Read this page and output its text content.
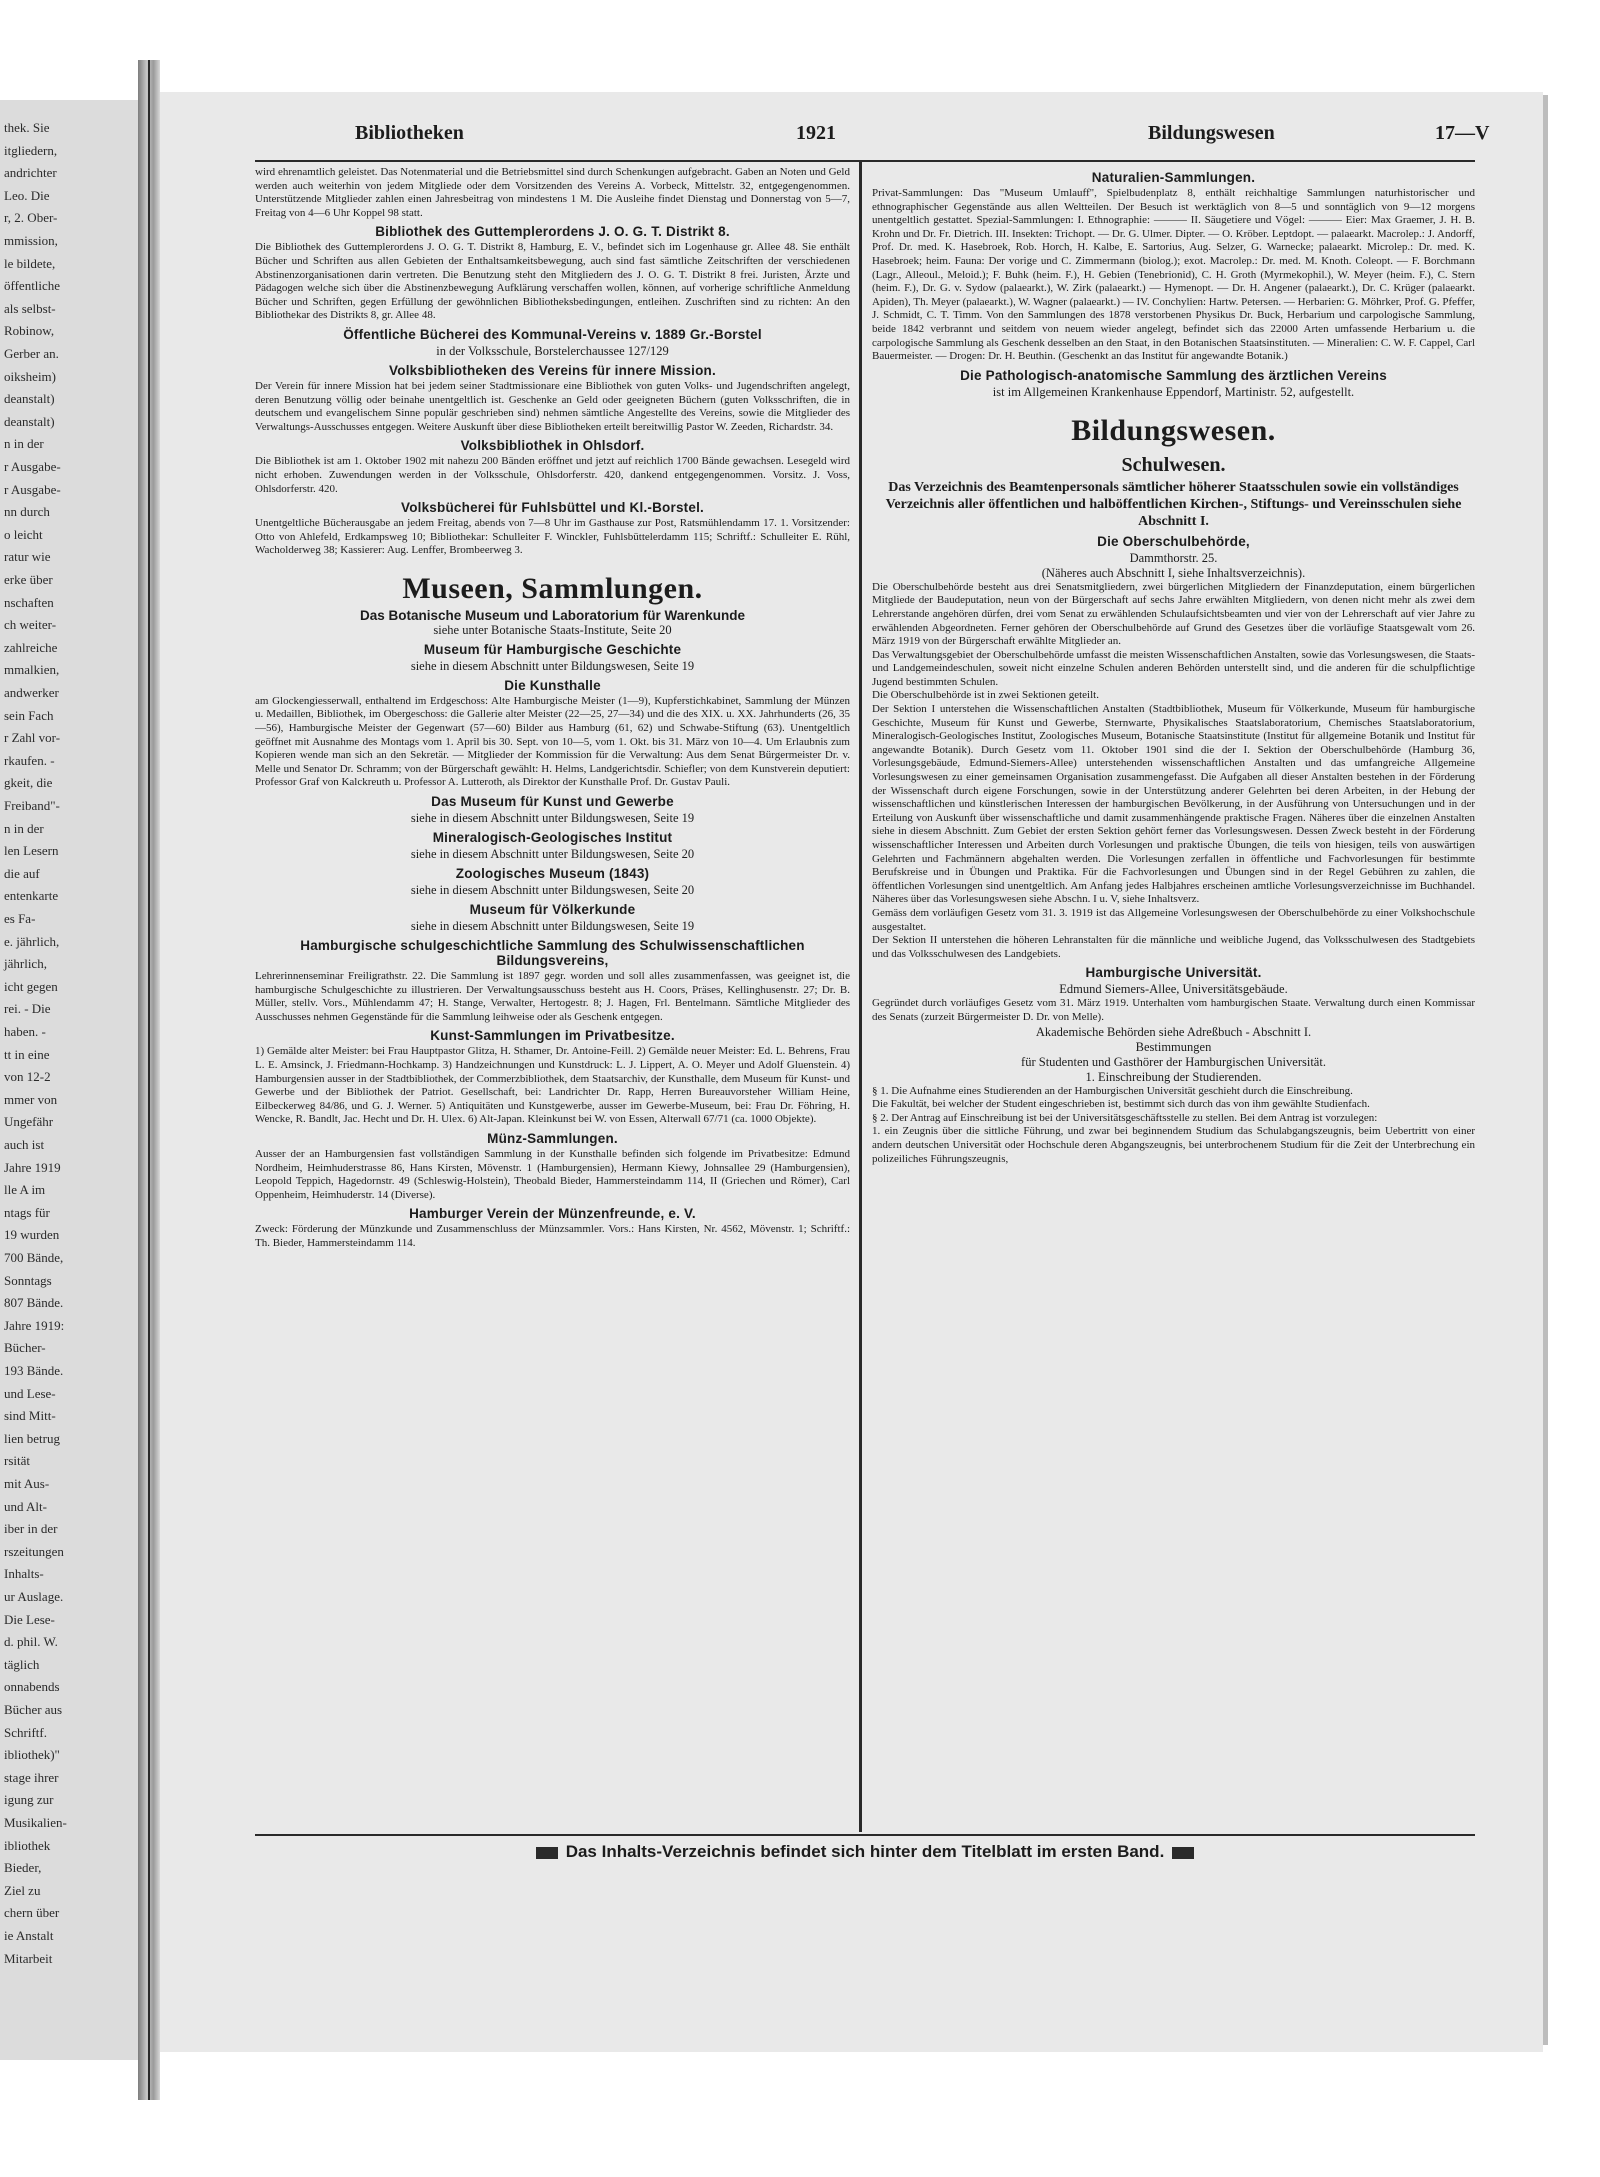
thek. Sie
itgliedern,
andrichter
Leo. Die
r, 2. Ober-
mmission,
le bildete,
öffentliche
als selbst-
Robinow,
Gerber an.
oiksheim)
deanstalt)
deanstalt)
n in der
r Ausgabe-
r Ausgabe-
nn durch
o leicht
ratur wie
erke über
nschaften
ch weiter-
zahlreiche
mmalkien,
andwerker
sein Fach
r Zahl vor-
rkaufen. -
gkeit, die
Freiband"-
n in der
len Lesern
die auf
entenkarte
es Fa-
e. jährlich,
jährlich,
icht gegen
rei. - Die
haben. -
tt in eine
von 12-2
mmer von
Ungefähr
auch ist
Jahre 1919
lle A im
ntags für
19 wurden
700 Bände,
Sonntags
807 Bände.
Jahre 1919:
Bücher-
193 Bände.
und Lese-
sind Mitt-
lien betrug
rsität
mit Aus-
und Alt-
iber in der
rszeitungen
Inhalts-
ur Auslage.
Die Lese-
d. phil. W.
täglich
onnabends
Bücher aus
Schriftf.
ibliothek)"
stage ihrer
igung zur
Musikalien-
ibliothek
Bieder,
Ziel zu
chern über
ie Anstalt
Mitarbeit
Bibliotheken	1921	Bildungswesen	17—V

wird ehrenamtlich geleistet. Das Notenmaterial und die Betriebsmittel sind durch Schenkungen aufgebracht. Gaben an Noten und Geld werden auch weiterhin von jedem Mitgliede oder dem Vorsitzenden des Vereins A. Vorbeck, Mittelstr. 32, entgegengenommen. Unterstützende Mitglieder zahlen einen Jahresbeitrag von mindestens 1 M. Die Ausleihe findet Dienstag und Donnerstag von 5—7, Freitag von 4—6 Uhr Koppel 98 statt.

Bibliothek des Guttemplerordens J. O. G. T. Distrikt 8.

Die Bibliothek des Guttemplerordens J. O. G. T. Distrikt 8, Hamburg, E. V., befindet sich im Logenhause gr. Allee 48. Sie enthält Bücher und Schriften aus allen Gebieten der Enthaltsamkeitsbewegung, auch sind fast sämtliche Zeitschriften der verschiedenen Abstinenzorganisationen darin vertreten. Die Benutzung steht den Mitgliedern des J. O. G. T. Distrikt 8 frei. Juristen, Ärzte und Pädagogen welche sich über die Abstinenzbewegung Aufklärung verschaffen wollen, können, auf vorherige schriftliche Anmeldung Bücher und Schriften, gegen Erfüllung der gewöhnlichen Bibliotheksbedingungen, entleihen. Zuschriften sind zu richten: An den Bibliothekar des Distrikts 8, gr. Allee 48.

Öffentliche Bücherei des Kommunal-Vereins v. 1889 Gr.-Borstel
in der Volksschule, Borstelerchaussee 127/129
Volksbibliotheken des Vereins für innere Mission.

Der Verein für innere Mission hat bei jedem seiner Stadtmissionare eine Bibliothek von guten Volks- und Jugendschriften angelegt, deren Benutzung völlig oder beinahe unentgeltlich ist. Geschenke an Geld oder geeigneten Büchern (guten Volksschriften, die in deutschem und evangelischem Sinne populär geschrieben sind) nehmen sämtliche Angestellte des Vereins, sowie die Mitglieder des Verwaltungs-Ausschusses entgegen. Weitere Auskunft über diese Bibliotheken erteilt bereitwillig Pastor W. Zeeden, Richardstr. 34.

Volksbibliothek in Ohlsdorf.

Die Bibliothek ist am 1. Oktober 1902 mit nahezu 200 Bänden eröffnet und jetzt auf reichlich 1700 Bände gewachsen. Lesegeld wird nicht erhoben. Zuwendungen werden in der Volksschule, Ohlsdorferstr. 420, dankend entgegengenommen. Vorsitz. J. Voss, Ohlsdorferstr. 420.

Volksbücherei für Fuhlsbüttel und Kl.-Borstel.

Unentgeltliche Bücherausgabe an jedem Freitag, abends von 7—8 Uhr im Gasthause zur Post, Ratsmühlendamm 17. 1. Vorsitzender: Otto von Ahlefeld, Erdkampsweg 10; Bibliothekar: Schulleiter F. Winckler, Fuhlsbüttelerdamm 115; Schriftf.: Schulleiter E. Rühl, Wacholderweg 38; Kassierer: Aug. Lenffer, Brombeerweg 3.

Museen, Sammlungen.
Das Botanische Museum und Laboratorium für Warenkunde
siehe unter Botanische Staats-Institute, Seite 20
Museum für Hamburgische Geschichte
siehe in diesem Abschnitt unter Bildungswesen, Seite 19
Die Kunsthalle

am Glockengiesserwall, enthaltend im Erdgeschoss: Alte Hamburgische Meister (1—9), Kupferstichkabinet, Sammlung der Münzen u. Medaillen, Bibliothek, im Obergeschoss: die Gallerie alter Meister (22—25, 27—34) und die des XIX. u. XX. Jahrhunderts (26, 35—56), Hamburgische Meister der Gegenwart (57—60) Bilder aus Hamburg (61, 62) und Schwabe-Stiftung (63). Unentgeltlich geöffnet mit Ausnahme des Montags vom 1. April bis 30. Sept. von 10—5, vom 1. Okt. bis 31. März von 10—4. Um Erlaubnis zum Kopieren wende man sich an den Sekretär. — Mitglieder der Kommission für die Verwaltung: Aus dem Senat Bürgermeister Dr. v. Melle und Senator Dr. Schramm; von der Bürgerschaft gewählt: H. Helms, Landgerichtsdir. Schiefler; von dem Kunstverein deputiert: Professor Graf von Kalckreuth u. Professor A. Lutteroth, als Direktor der Kunsthalle Prof. Dr. Gustav Pauli.

Das Museum für Kunst und Gewerbe
siehe in diesem Abschnitt unter Bildungswesen, Seite 19
Mineralogisch-Geologisches Institut
siehe in diesem Abschnitt unter Bildungswesen, Seite 20
Zoologisches Museum (1843)
siehe in diesem Abschnitt unter Bildungswesen, Seite 20
Museum für Völkerkunde
siehe in diesem Abschnitt unter Bildungswesen, Seite 19
Hamburgische schulgeschichtliche Sammlung des Schulwissenschaftlichen Bildungsvereins,

Lehrerinnenseminar Freiligrathstr. 22. Die Sammlung ist 1897 gegr. worden und soll alles zusammenfassen, was geeignet ist, die hamburgische Schulgeschichte zu illustrieren. Der Verwaltungsausschuss besteht aus H. Coors, Präses, Kellinghusenstr. 27; Dr. B. Müller, stellv. Vors., Mühlendamm 47; H. Stange, Verwalter, Hertogestr. 8; J. Hagen, Frl. Bentelmann. Sämtliche Mitglieder des Ausschusses nehmen Gegenstände für die Sammlung leihweise oder als Geschenk entgegen.

Kunst-Sammlungen im Privatbesitze.

1) Gemälde alter Meister: bei Frau Hauptpastor Glitza, H. Sthamer, Dr. Antoine-Feill. 2) Gemälde neuer Meister: Ed. L. Behrens, Frau L. E. Amsinck, J. Friedmann-Hochkamp. 3) Handzeichnungen und Kunstdruck: L. J. Lippert, A. O. Meyer und Adolf Gluenstein. 4) Hamburgensien ausser in der Stadtbibliothek, der Commerzbibliothek, dem Staatsarchiv, der Kunsthalle, dem Museum für Kunst- und Gewerbe und der Bibliothek der Patriot. Gesellschaft, bei: Landrichter Dr. Rapp, Herren Bureauvorsteher William Heine, Eilbeckerweg 84/86, und G. J. Werner. 5) Antiquitäten und Kunstgewerbe, ausser im Gewerbe-Museum, bei: Frau Dr. Föhring, H. Wencke, R. Bandlt, Jac. Hecht und Dr. H. Ulex. 6) Alt-Japan. Kleinkunst bei W. von Essen, Alterwall 67/71 (ca. 1000 Objekte).

Münz-Sammlungen.

Ausser der an Hamburgensien fast vollständigen Sammlung in der Kunsthalle befinden sich folgende im Privatbesitze: Edmund Nordheim, Heimhuderstrasse 86, Hans Kirsten, Mövenstr. 1 (Hamburgensien), Hermann Kiewy, Johnsallee 29 (Hamburgensien), Leopold Teppich, Hagedornstr. 49 (Schleswig-Holstein), Theobald Bieder, Hammersteindamm 114, II (Griechen und Römer), Carl Oppenheim, Heimhuderstr. 14 (Diverse).

Hamburger Verein der Münzenfreunde, e. V.

Zweck: Förderung der Münzkunde und Zusammenschluss der Münzsammler. Vors.: Hans Kirsten, Nr. 4562, Mövenstr. 1; Schriftf.: Th. Bieder, Hammersteindamm 114.

Naturalien-Sammlungen.

Privat-Sammlungen: Das "Museum Umlauff", Spielbudenplatz 8, enthält reichhaltige Sammlungen naturhistorischer und ethnographischer Gegenstände aus allen Weltteilen. Der Besuch ist werktäglich von 8—5 und sonntäglich von 9—12 morgens unentgeltlich gestattet. Spezial-Sammlungen: I. Ethnographie: ——— II. Säugetiere und Vögel: ——— Eier: Max Graemer, J. H. B. Krohn und Dr. Fr. Dietrich. III. Insekten: Trichopt. — Dr. G. Ulmer. Dipter. — O. Kröber. Leptdopt. — palaearkt. Macrolep.: J. Andorff, Prof. Dr. med. K. Hasebroek, Rob. Horch, H. Kalbe, E. Sartorius, Aug. Selzer, G. Warnecke; palaearkt. Microlep.: Dr. med. K. Hasebroek; heim. Fauna: Der vorige und C. Zimmermann (biolog.); exot. Macrolep.: Dr. med. M. Knoth. Coleopt. — F. Borchmann (Lagr., Alleoul., Meloid.); F. Buhk (heim. F.), H. Gebien (Tenebrionid), C. H. Groth (Myrmekophil.), W. Meyer (heim. F.), C. Stern (heim. F.), Dr. G. v. Sydow (palaearkt.), W. Zirk (palaearkt.) — Hymenopt. — Dr. H. Angener (palaearkt.), Dr. C. Krüger (palaearkt. Apiden), Th. Meyer (palaearkt.), W. Wagner (palaearkt.) — IV. Conchylien: Hartw. Petersen. — Herbarien: G. Möhrker, Prof. G. Pfeffer, J. Schmidt, C. T. Timm. Von den Sammlungen des 1878 verstorbenen Physikus Dr. Buck, Herbarium und carpologische Sammlung, beide 1842 verbrannt und seitdem von neuem wieder angelegt, befindet sich das 22000 Arten umfassende Herbarium u. die carpologische Sammlung als Geschenk desselben an den Staat, in den Botanischen Staatsinstituten. — Mineralien: C. W. F. Cappel, Carl Bauermeister. — Drogen: Dr. H. Beuthin. (Geschenkt an das Institut für angewandte Botanik.)

Die Pathologisch-anatomische Sammlung des ärztlichen Vereins
ist im Allgemeinen Krankenhause Eppendorf, Martinistr. 52, aufgestellt.
Bildungswesen.
Schulwesen.
Das Verzeichnis des Beamtenpersonals sämtlicher höherer Staatsschulen sowie ein vollständiges Verzeichnis aller öffentlichen und halböffentlichen Kirchen-, Stiftungs- und Vereinsschulen siehe Abschnitt I.
Die Oberschulbehörde,
Dammthorstr. 25.
(Näheres auch Abschnitt I, siehe Inhaltsverzeichnis).

Die Oberschulbehörde besteht aus drei Senatsmitgliedern, zwei bürgerlichen Mitgliedern der Finanzdeputation, einem bürgerlichen Mitgliede der Baudeputation, neun von der Bürgerschaft auf sechs Jahre erwählten Mitgliedern, von denen nicht mehr als zwei dem Lehrerstande angehören dürfen, drei vom Senat zu erwählenden Schulaufsichtsbeamten und vier von der Lehrerschaft auf vier Jahre zu erwählenden Abgeordneten. Ferner gehören der Oberschulbehörde auf Grund des Gesetzes über die vorläufige Staatsgewalt vom 26. März 1919 von der Bürgerschaft erwählte Mitglieder an.

Das Verwaltungsgebiet der Oberschulbehörde umfasst die meisten Wissenschaftlichen Anstalten, sowie das Vorlesungswesen, die Staats- und Landgemeindeschulen, soweit nicht einzelne Schulen anderen Behörden unterstellt sind, und die anderen für die schulpflichtige Jugend bestimmten Schulen.

Die Oberschulbehörde ist in zwei Sektionen geteilt.

Der Sektion I unterstehen die Wissenschaftlichen Anstalten (Stadtbibliothek, Museum für Völkerkunde, Museum für hamburgische Geschichte, Museum für Kunst und Gewerbe, Sternwarte, Physikalisches Staatslaboratorium, Chemisches Staatslaboratorium, Mineralogisch-Geologisches Institut, Zoologisches Museum, Botanische Staatsinstitute (Institut für allgemeine Botanik und Institut für angewandte Botanik). Durch Gesetz vom 11. Oktober 1901 sind die der I. Sektion der Oberschulbehörde (Hamburg 36, Vorlesungsgebäude, Edmund-Siemers-Allee) unterstehenden wissenschaftlichen Anstalten und das umfangreiche Allgemeine Vorlesungswesen zu einer gemeinsamen Organisation zusammengefasst. Die Aufgaben all dieser Anstalten bestehen in der Förderung der Wissenschaft durch eigene Forschungen, sowie in der Unterstützung anderer Gelehrten bei deren Arbeiten, in der Hebung der wissenschaftlichen und künstlerischen Interessen der hamburgischen Bevölkerung, in der Ausführung von Untersuchungen und in der Erteilung von Auskunft über wissenschaftliche und damit zusammenhängende praktische Fragen. Näheres über die einzelnen Anstalten siehe in diesem Abschnitt. Zum Gebiet der ersten Sektion gehört ferner das Vorlesungswesen. Dessen Zweck besteht in der Förderung wissenschaftlicher Interessen und Arbeiten durch Vorlesungen und praktische Übungen, die teils von hiesigen, teils von auswärtigen Gelehrten und Fachmännern abgehalten werden. Die Vorlesungen zerfallen in öffentliche und Fachvorlesungen für bestimmte Berufskreise und in Übungen und Praktika. Für die Fachvorlesungen und Übungen sind in der Regel Gebühren zu zahlen, die öffentlichen Vorlesungen sind unentgeltlich. Am Anfang jedes Halbjahres erscheinen amtliche Vorlesungsverzeichnisse im Buchhandel. Näheres über das Vorlesungswesen siehe Abschn. I u. V, siehe Inhaltsverz.

Gemäss dem vorläufigen Gesetz vom 31. 3. 1919 ist das Allgemeine Vorlesungswesen der Oberschulbehörde zu einer Volkshochschule ausgestaltet.

Der Sektion II unterstehen die höheren Lehranstalten für die männliche und weibliche Jugend, das Volksschulwesen des Stadtgebiets und das Volksschulwesen des Landgebiets.

Hamburgische Universität.
Edmund Siemers-Allee, Universitätsgebäude.

Gegründet durch vorläufiges Gesetz vom 31. März 1919. Unterhalten vom hamburgischen Staate. Verwaltung durch einen Kommissar des Senats (zurzeit Bürgermeister D. Dr. von Melle).

Akademische Behörden siehe Adreßbuch - Abschnitt I.
Bestimmungen
für Studenten und Gasthörer der Hamburgischen Universität.
1. Einschreibung der Studierenden.

§ 1. Die Aufnahme eines Studierenden an der Hamburgischen Universität geschieht durch die Einschreibung.

Die Fakultät, bei welcher der Student eingeschrieben ist, bestimmt sich durch das von ihm gewählte Studienfach.

§ 2. Der Antrag auf Einschreibung ist bei der Universitätsgeschäftsstelle zu stellen. Bei dem Antrag ist vorzulegen:

1. ein Zeugnis über die sittliche Führung, und zwar bei beginnendem Studium das Schulabgangszeugnis, beim Uebertritt von einer andern deutschen Universität oder Hochschule deren Abgangszeugnis, bei unterbrochenem Studium für die Zeit der Unterbrechung ein polizeiliches Führungszeugnis,

Das Inhalts-Verzeichnis befindet sich hinter dem Titelblatt im ersten Band.
